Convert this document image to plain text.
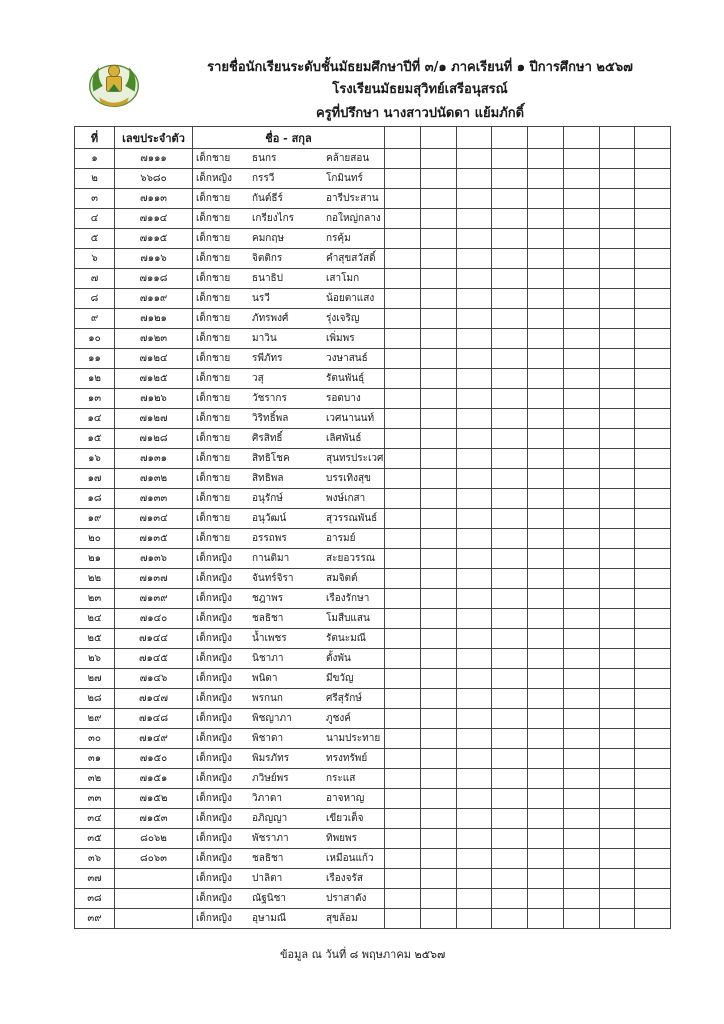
รายชื่อนักเรียนระดับชั้นมัธยมศึกษาปีที่ ๓/๑ ภาคเรียนที่ ๑ ปีการศึกษา ๒๕๖๗
โรงเรียนมัธยมสุวิทย์เสรีอนุสรณ์
ครูที่ปรึกษา นางสาวปนัดดา แย้มภักดิ์
ที่	เลขประจำตัว	ชื่อ - สกุล								
๑	๗๑๑๑	เด็กชาย ธนกร คล้ายสอน								
๒	๖๖๘๐	เด็กหญิง กรรวี โกมินทร์								
๓	๗๑๑๓	เด็กชาย กันต์ธีร์ อารีประสาน								
๔	๗๑๑๔	เด็กชาย เกรียงไกร กอใหญ่กลาง								
๕	๗๑๑๕	เด็กชาย คมกฤษ กรคุ้ม								
๖	๗๑๑๖	เด็กชาย จิตติกร คำสุขสวัสดิ์								
๗	๗๑๑๘	เด็กชาย ธนาธิป เสาโมก								
๘	๗๑๑๙	เด็กชาย นรวี น้อยตาแสง								
๙	๗๑๒๑	เด็กชาย ภัทรพงศ์ รุ่งเจริญ								
๑๐	๗๑๒๓	เด็กชาย มาวิน เพิ่มพร								
๑๑	๗๑๒๔	เด็กชาย รพีภัทร วงษาสนธ์								
๑๒	๗๑๒๕	เด็กชาย วสุ รัตนพันธุ์								
๑๓	๗๑๒๖	เด็กชาย วัชรากร รอดบาง								
๑๔	๗๑๒๗	เด็กชาย วิริทธิ์พล เวศนานนท์								
๑๕	๗๑๒๘	เด็กชาย ศิรสิทธิ์ เลิศพันธ์								
๑๖	๗๑๓๑	เด็กชาย สิทธิโชค สุนทรประเวศ								
๑๗	๗๑๓๒	เด็กชาย สิทธิพล บรรเทิงสุข								
๑๘	๗๑๓๓	เด็กชาย อนุรักษ์ พงษ์เกสา								
๑๙	๗๑๓๔	เด็กชาย อนุวัฒน์ สุวรรณพันธ์								
๒๐	๗๑๓๕	เด็กชาย อรรถพร อารมย์								
๒๑	๗๑๓๖	เด็กหญิง กานติมา สะยอวรรณ								
๒๒	๗๑๓๗	เด็กหญิง จันทร์จิรา สมจิตต์								
๒๓	๗๑๓๙	เด็กหญิง ชฎาพร เรืองรักษา								
๒๔	๗๑๔๐	เด็กหญิง ชลธิชา โมสืบแสน								
๒๕	๗๑๔๔	เด็กหญิง น้ำเพชร รัตนะมณี								
๒๖	๗๑๔๕	เด็กหญิง นิชาภา ตั้งพัน								
๒๗	๗๑๔๖	เด็กหญิง พนิดา มีขวัญ								
๒๘	๗๑๔๗	เด็กหญิง พรกนก ศรีสุรักษ์								
๒๙	๗๑๔๘	เด็กหญิง พิชญาภา ภูชงค์								
๓๐	๗๑๔๙	เด็กหญิง พิชาดา นามประทาย								
๓๑	๗๑๕๐	เด็กหญิง พิมรภัทร ทรงทรัพย์								
๓๒	๗๑๕๑	เด็กหญิง ภวิษย์พร กระแส								
๓๓	๗๑๕๒	เด็กหญิง วิภาดา อาจหาญ								
๓๔	๗๑๕๓	เด็กหญิง อภิญญา เขียวเต็จ								
๓๕	๘๐๖๒	เด็กหญิง พัชราภา ทิพยพร								
๓๖	๘๐๖๓	เด็กหญิง ชลธิชา เหมือนแก้ว								
๓๗		เด็กหญิง ปาลิตา เรืองจรัส								
๓๘		เด็กหญิง ณัฐนิชา ปราสาดัง								
๓๙		เด็กหญิง อุษามณี สุขล้อม								
ข้อมูล ณ วันที่ ๘ พฤษภาคม ๒๕๖๗
